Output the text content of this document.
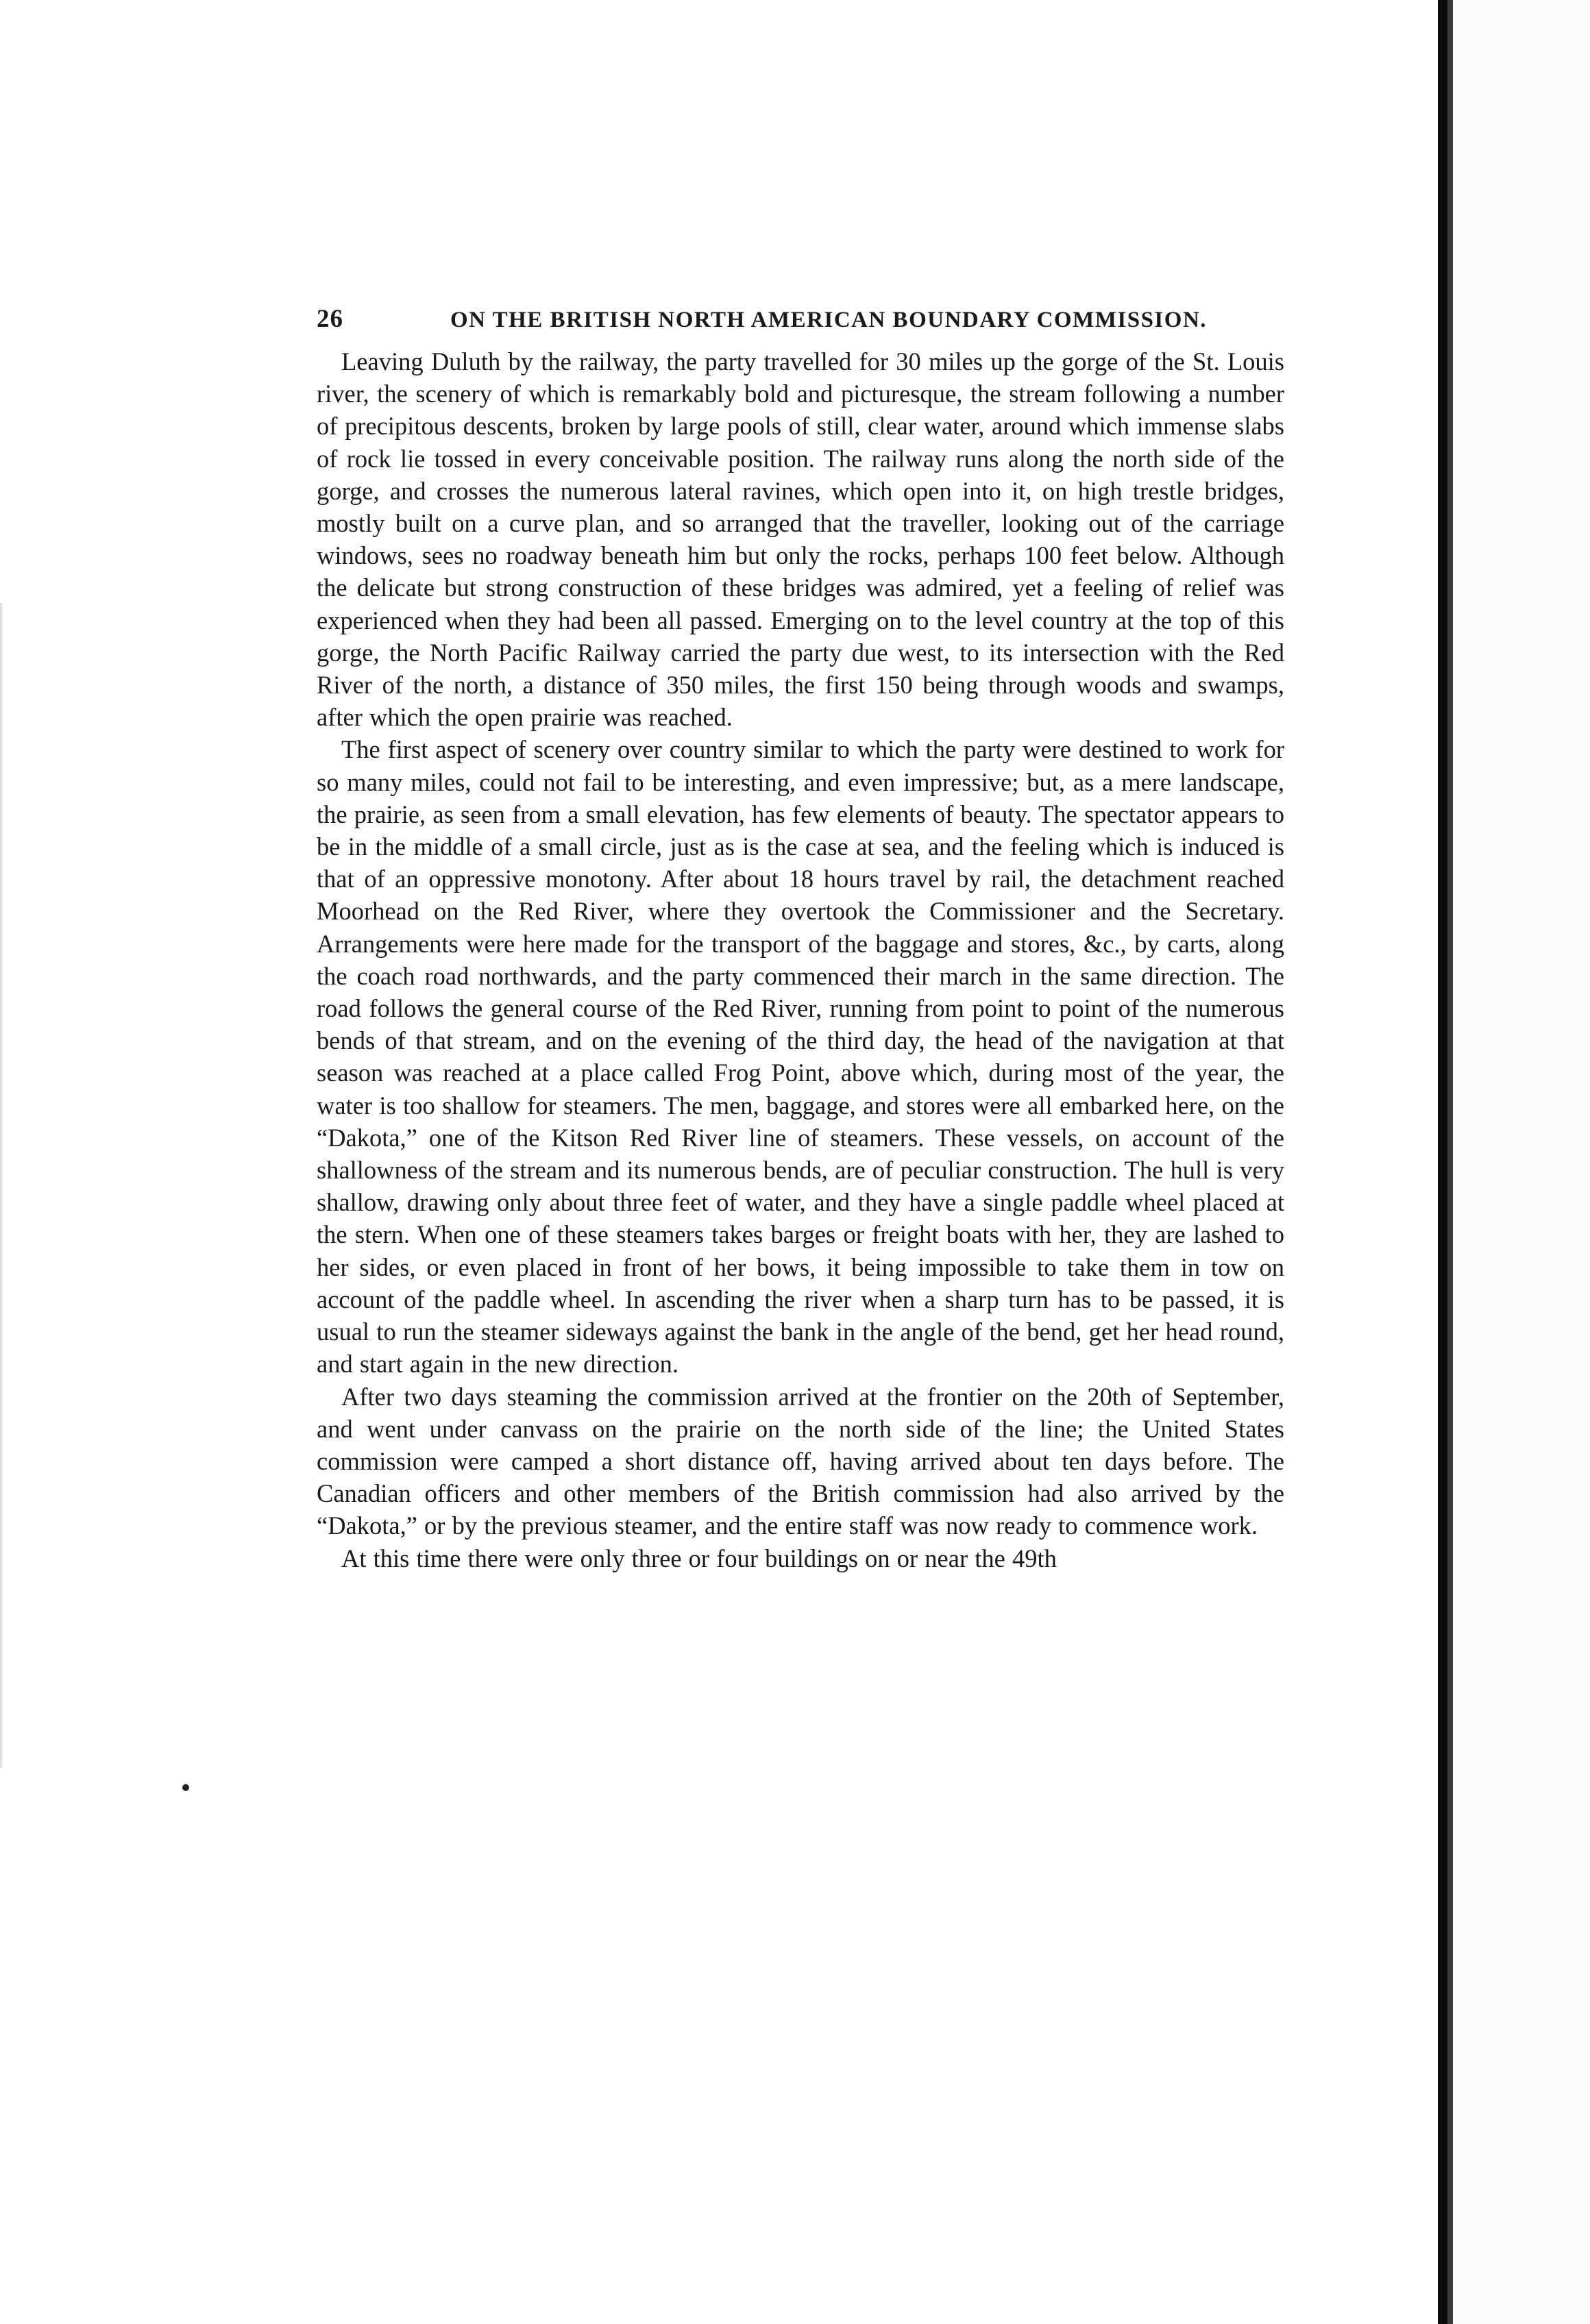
26	ON THE BRITISH NORTH AMERICAN BOUNDARY COMMISSION.

Leaving Duluth by the railway, the party travelled for 30 miles up the gorge of the St. Louis river, the scenery of which is remarkably bold and picturesque, the stream following a number of precipitous descents, broken by large pools of still, clear water, around which immense slabs of rock lie tossed in every conceivable position. The railway runs along the north side of the gorge, and crosses the numerous lateral ravines, which open into it, on high trestle bridges, mostly built on a curve plan, and so arranged that the traveller, looking out of the carriage windows, sees no roadway beneath him but only the rocks, perhaps 100 feet below. Although the delicate but strong construction of these bridges was admired, yet a feeling of relief was experienced when they had been all passed. Emerging on to the level country at the top of this gorge, the North Pacific Railway carried the party due west, to its intersection with the Red River of the north, a distance of 350 miles, the first 150 being through woods and swamps, after which the open prairie was reached.

The first aspect of scenery over country similar to which the party were destined to work for so many miles, could not fail to be interesting, and even impressive; but, as a mere landscape, the prairie, as seen from a small elevation, has few elements of beauty. The spectator appears to be in the middle of a small circle, just as is the case at sea, and the feeling which is induced is that of an oppressive monotony. After about 18 hours travel by rail, the detachment reached Moorhead on the Red River, where they overtook the Commissioner and the Secretary. Arrangements were here made for the transport of the baggage and stores, &c., by carts, along the coach road northwards, and the party commenced their march in the same direction. The road follows the general course of the Red River, running from point to point of the numerous bends of that stream, and on the evening of the third day, the head of the navigation at that season was reached at a place called Frog Point, above which, during most of the year, the water is too shallow for steamers. The men, baggage, and stores were all embarked here, on the “Dakota,” one of the Kitson Red River line of steamers. These vessels, on account of the shallowness of the stream and its numerous bends, are of peculiar construction. The hull is very shallow, drawing only about three feet of water, and they have a single paddle wheel placed at the stern. When one of these steamers takes barges or freight boats with her, they are lashed to her sides, or even placed in front of her bows, it being impossible to take them in tow on account of the paddle wheel. In ascending the river when a sharp turn has to be passed, it is usual to run the steamer sideways against the bank in the angle of the bend, get her head round, and start again in the new direction.

After two days steaming the commission arrived at the frontier on the 20th of September, and went under canvass on the prairie on the north side of the line; the United States commission were camped a short distance off, having arrived about ten days before. The Canadian officers and other members of the British commission had also arrived by the “Dakota,” or by the previous steamer, and the entire staff was now ready to commence work.

At this time there were only three or four buildings on or near the 49th
